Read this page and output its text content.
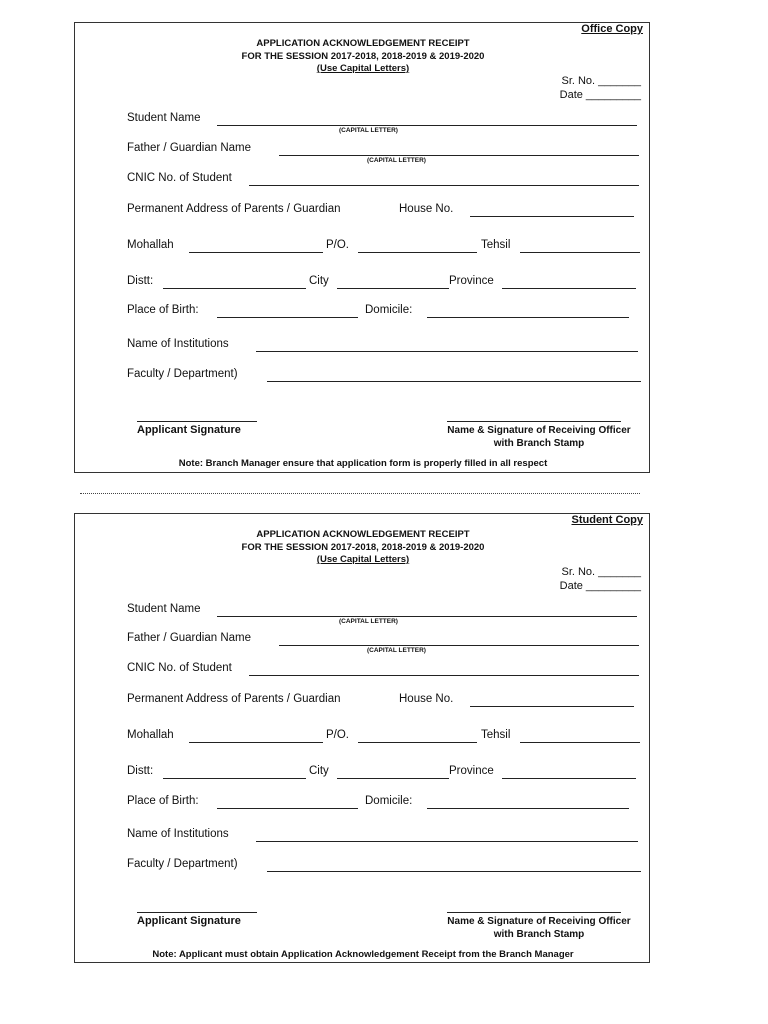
Office Copy
APPLICATION ACKNOWLEDGEMENT RECEIPT
FOR THE SESSION 2017-2018, 2018-2019 & 2019-2020
(Use Capital Letters)
Sr. No. _______
Date _________
Student Name
(CAPITAL LETTER)
Father / Guardian Name
(CAPITAL LETTER)
CNIC No. of Student
Permanent Address of Parents / Guardian	House No.
Mohallah	P/O.	Tehsil
Distt:	City	Province
Place of Birth:	Domicile:
Name of Institutions
Faculty / Department)
Applicant Signature	Name & Signature of Receiving Officer
with Branch Stamp
Note: Branch Manager ensure that application form is properly filled in all respect
Student Copy
APPLICATION ACKNOWLEDGEMENT RECEIPT
FOR THE SESSION 2017-2018, 2018-2019 & 2019-2020
(Use Capital Letters)
Sr. No. _______
Date _________
Student Name
(CAPITAL LETTER)
Father / Guardian Name
(CAPITAL LETTER)
CNIC No. of Student
Permanent Address of Parents / Guardian	House No.
Mohallah	P/O.	Tehsil
Distt:	City	Province
Place of Birth:	Domicile:
Name of Institutions
Faculty / Department)
Applicant Signature	Name & Signature of Receiving Officer
with Branch Stamp
Note: Applicant must obtain Application Acknowledgement Receipt from the Branch Manager
